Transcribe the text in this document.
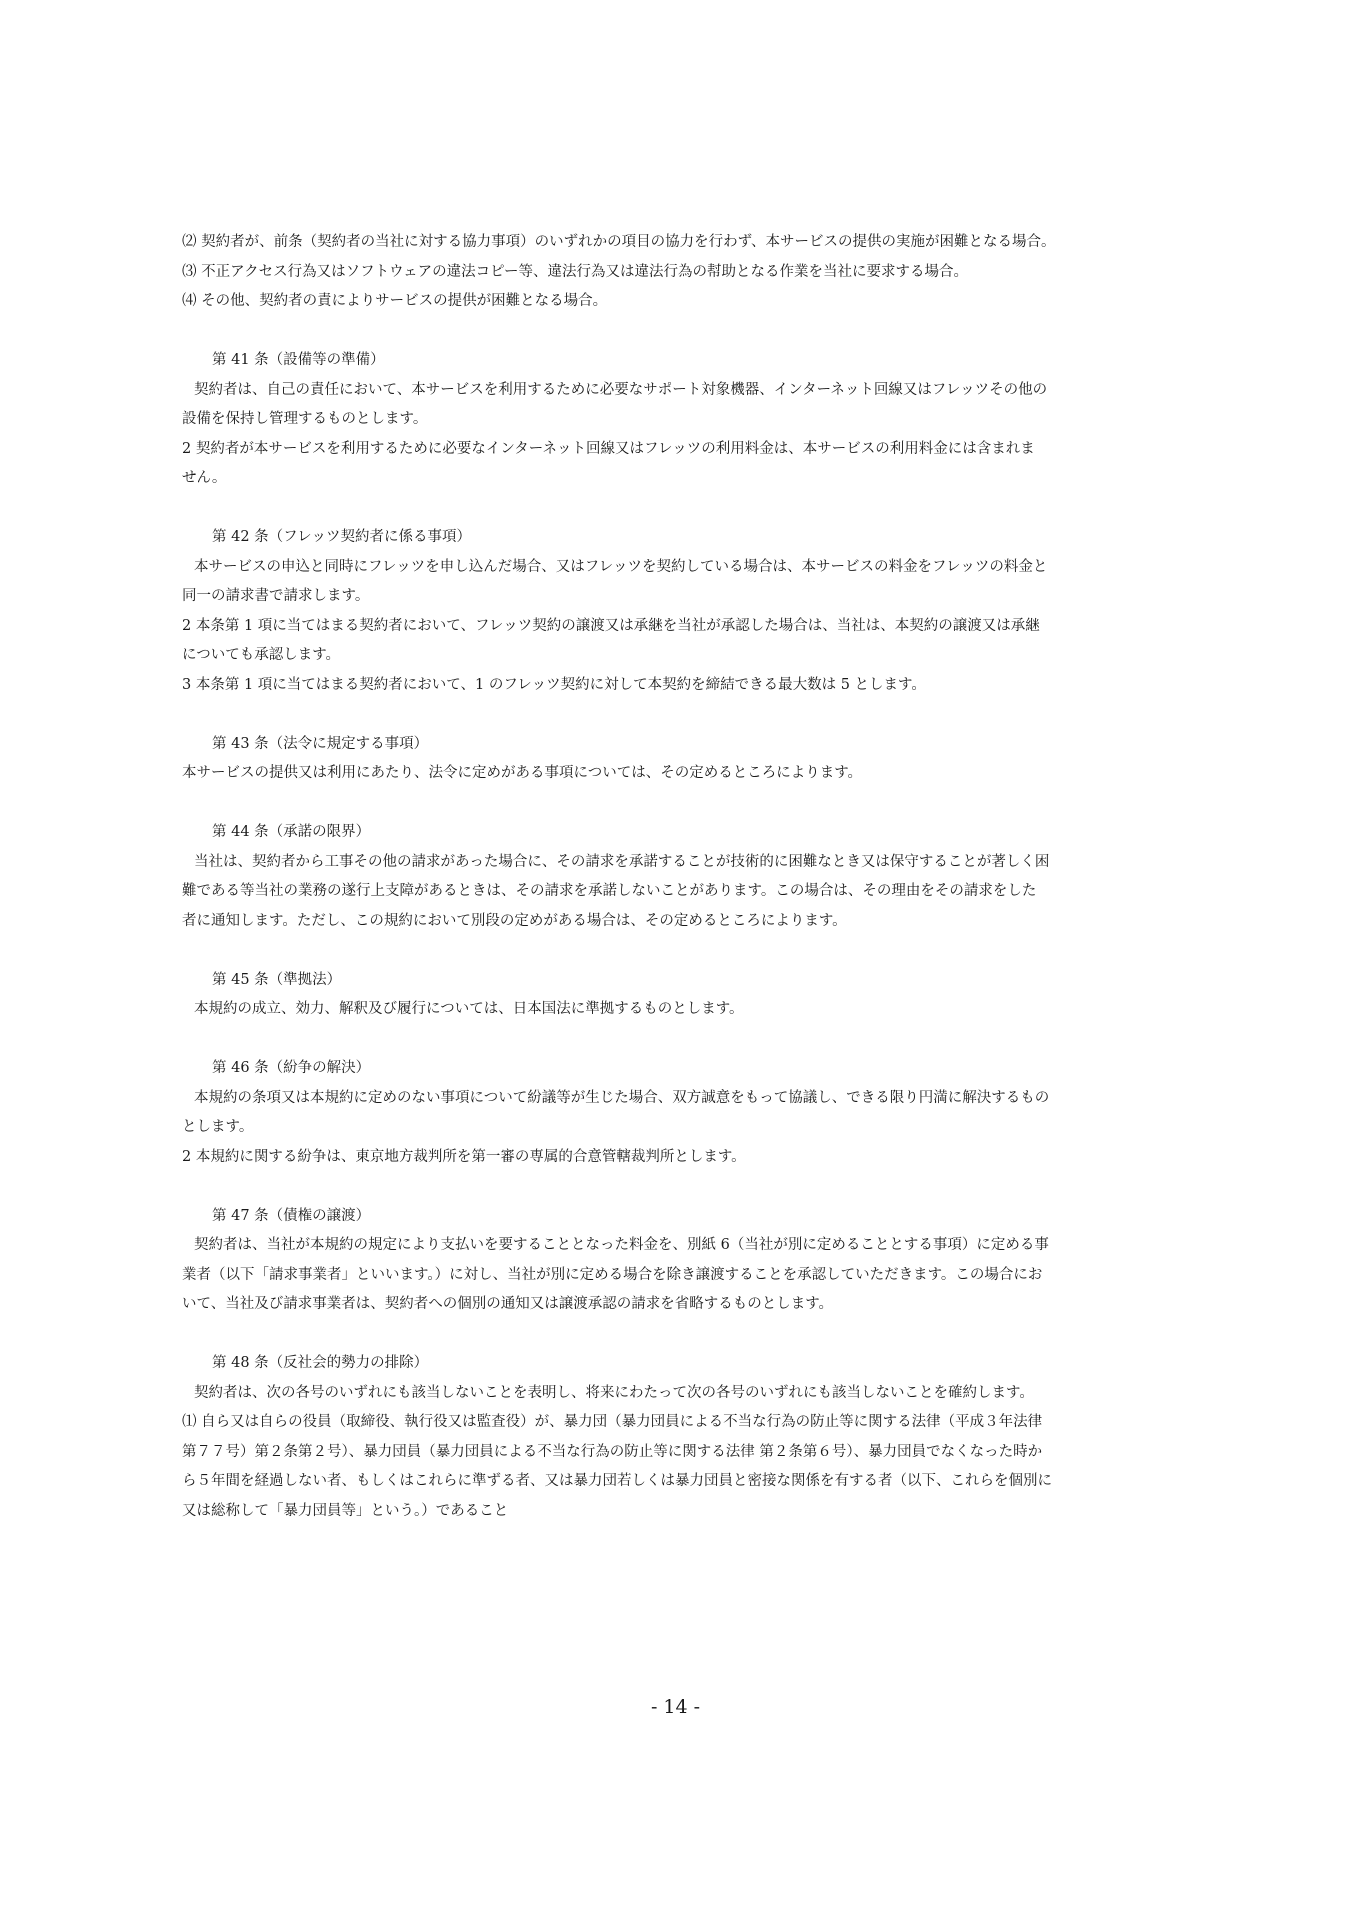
⑵ 契約者が、前条（契約者の当社に対する協力事項）のいずれかの項目の協力を行わず、本サービスの提供の実施が困難となる場合。
⑶ 不正アクセス行為又はソフトウェアの違法コピー等、違法行為又は違法行為の幇助となる作業を当社に要求する場合。
⑷ その他、契約者の責によりサービスの提供が困難となる場合。
第 41 条（設備等の準備）
契約者は、自己の責任において、本サービスを利用するために必要なサポート対象機器、インターネット回線又はフレッツその他の
設備を保持し管理するものとします。
2 契約者が本サービスを利用するために必要なインターネット回線又はフレッツの利用料金は、本サービスの利用料金には含まれま
せん。
第 42 条（フレッツ契約者に係る事項）
本サービスの申込と同時にフレッツを申し込んだ場合、又はフレッツを契約している場合は、本サービスの料金をフレッツの料金と
同一の請求書で請求します。
2 本条第 1 項に当てはまる契約者において、フレッツ契約の譲渡又は承継を当社が承認した場合は、当社は、本契約の譲渡又は承継
についても承認します。
3 本条第 1 項に当てはまる契約者において、1 のフレッツ契約に対して本契約を締結できる最大数は 5 とします。
第 43 条（法令に規定する事項）
本サービスの提供又は利用にあたり、法令に定めがある事項については、その定めるところによります。
第 44 条（承諾の限界）
当社は、契約者から工事その他の請求があった場合に、その請求を承諾することが技術的に困難なとき又は保守することが著しく困
難である等当社の業務の遂行上支障があるときは、その請求を承諾しないことがあります。この場合は、その理由をその請求をした
者に通知します。ただし、この規約において別段の定めがある場合は、その定めるところによります。
第 45 条（準拠法）
本規約の成立、効力、解釈及び履行については、日本国法に準拠するものとします。
第 46 条（紛争の解決）
本規約の条項又は本規約に定めのない事項について紛議等が生じた場合、双方誠意をもって協議し、できる限り円満に解決するもの
とします。
2 本規約に関する紛争は、東京地方裁判所を第一審の専属的合意管轄裁判所とします。
第 47 条（債権の譲渡）
契約者は、当社が本規約の規定により支払いを要することとなった料金を、別紙 6（当社が別に定めることとする事項）に定める事
業者（以下「請求事業者」といいます。）に対し、当社が別に定める場合を除き譲渡することを承認していただきます。この場合にお
いて、当社及び請求事業者は、契約者への個別の通知又は譲渡承認の請求を省略するものとします。
第 48 条（反社会的勢力の排除）
契約者は、次の各号のいずれにも該当しないことを表明し、将来にわたって次の各号のいずれにも該当しないことを確約します。
⑴ 自ら又は自らの役員（取締役、執行役又は監査役）が、暴力団（暴力団員による不当な行為の防止等に関する法律（平成３年法律
第７７号）第２条第２号）、暴力団員（暴力団員による不当な行為の防止等に関する法律 第２条第６号）、暴力団員でなくなった時か
ら５年間を経過しない者、もしくはこれらに準ずる者、又は暴力団若しくは暴力団員と密接な関係を有する者（以下、これらを個別に
又は総称して「暴力団員等」という。）であること
- 14 -
